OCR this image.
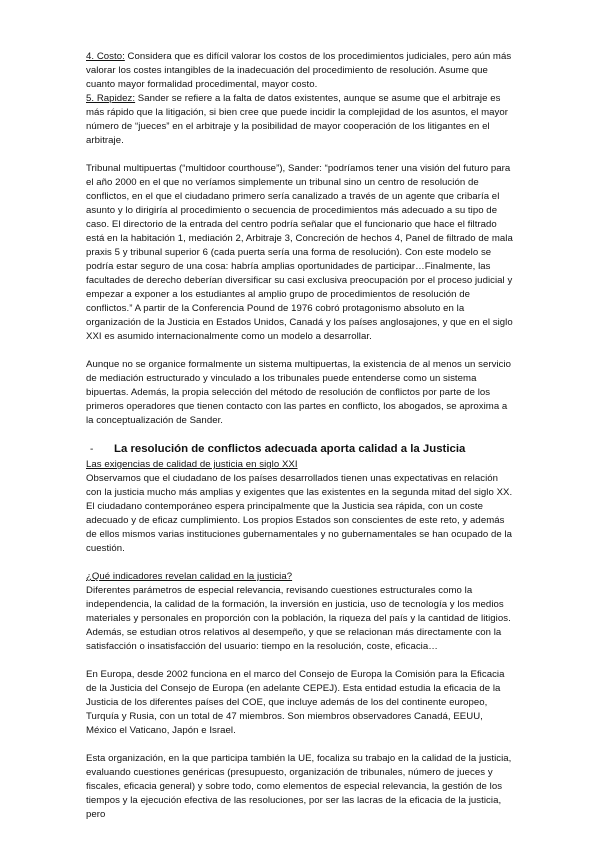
4. Costo: Considera que es difícil valorar los costos de los procedimientos judiciales, pero aún más valorar los costes intangibles de la inadecuación del procedimiento de resolución. Asume que cuanto mayor formalidad procedimental, mayor costo.

5. Rapidez: Sander se refiere a la falta de datos existentes, aunque se asume que el arbitraje es más rápido que la litigación, si bien cree que puede incidir la complejidad de los asuntos, el mayor número de “jueces” en el arbitraje y la posibilidad de mayor cooperación de los litigantes en el arbitraje.

Tribunal multipuertas (“multidoor courthouse”), Sander: “podríamos tener una visión del futuro para el año 2000 en el que no veríamos simplemente un tribunal sino un centro de resolución de conflictos, en el que el ciudadano primero sería canalizado a través de un agente que cribaría el asunto y lo dirigiría al procedimiento o secuencia de procedimientos más adecuado a su tipo de caso. El directorio de la entrada del centro podría señalar que el funcionario que hace el filtrado está en la habitación 1, mediación 2, Arbitraje 3, Concreción de hechos 4, Panel de filtrado de mala praxis 5 y tribunal superior 6 (cada puerta sería una forma de resolución). Con este modelo se podría estar seguro de una cosa: habría amplias oportunidades de participar…Finalmente, las facultades de derecho deberían diversificar su casi exclusiva preocupación por el proceso judicial y empezar a exponer a los estudiantes al amplio grupo de procedimientos de resolución de conflictos.” A partir de la Conferencia Pound de 1976 cobró protagonismo absoluto en la organización de la Justicia en Estados Unidos, Canadá y los países anglosajones, y que en el siglo XXI es asumido internacionalmente como un modelo a desarrollar.

Aunque no se organice formalmente un sistema multipuertas, la existencia de al menos un servicio de mediación estructurado y vinculado a los tribunales puede entenderse como un sistema bipuertas. Además, la propia selección del método de resolución de conflictos por parte de los primeros operadores que tienen contacto con las partes en conflicto, los abogados, se aproxima a la conceptualización de Sander.

-	La resolución de conflictos adecuada aporta calidad a la Justicia

Las exigencias de calidad de justicia en siglo XXI

Observamos que el ciudadano de los países desarrollados tienen unas expectativas en relación con la justicia mucho más amplias y exigentes que las existentes en la segunda mitad del siglo XX. El ciudadano contemporáneo espera principalmente que la Justicia sea rápida, con un coste adecuado y de eficaz cumplimiento. Los propios Estados son conscientes de este reto, y además de ellos mismos varias instituciones gubernamentales y no gubernamentales se han ocupado de la cuestión.

¿Qué indicadores revelan calidad en la justicia?

Diferentes parámetros de especial relevancia, revisando cuestiones estructurales como la independencia, la calidad de la formación, la inversión en justicia, uso de tecnología y los medios materiales y personales en proporción con la población, la riqueza del país y la cantidad de litigios. Además, se estudian otros relativos al desempeño, y que se relacionan más directamente con la satisfacción o insatisfacción del usuario: tiempo en la resolución, coste, eficacia…

En Europa, desde 2002 funciona en el marco del Consejo de Europa la Comisión para la Eficacia de la Justicia del Consejo de Europa (en adelante CEPEJ). Esta entidad estudia la eficacia de la Justicia de los diferentes países del COE, que incluye además de los del continente europeo, Turquía y Rusia, con un total de 47 miembros. Son miembros observadores Canadá, EEUU, México el Vaticano, Japón e Israel.

Esta organización, en la que participa también la UE, focaliza su trabajo en la calidad de la justicia, evaluando cuestiones genéricas (presupuesto, organización de tribunales, número de jueces y fiscales, eficacia general) y sobre todo, como elementos de especial relevancia, la gestión de los tiempos y la ejecución efectiva de las resoluciones, por ser las lacras de la eficacia de la justicia, pero
